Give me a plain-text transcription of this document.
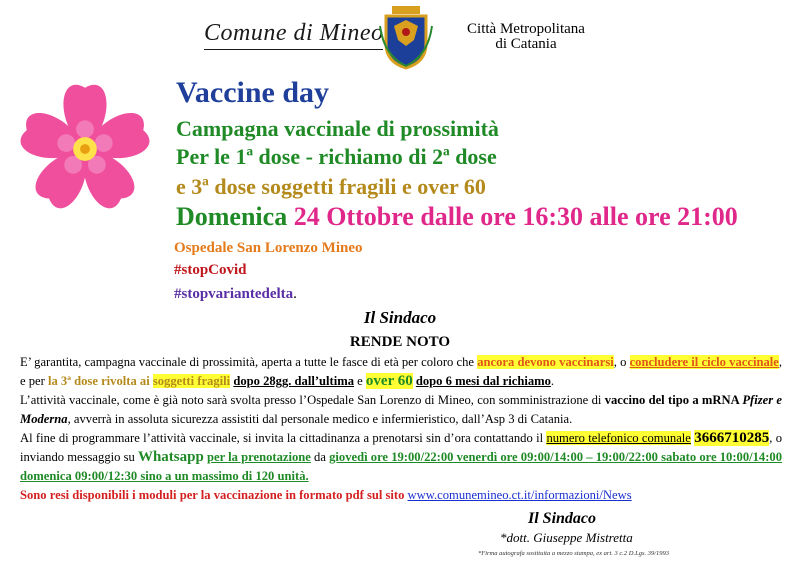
Comune di Mineo	Città Metropolitana
di Catania
Vaccine day
Campagna vaccinale di prossimità
Per le 1ª dose - richiamo di 2ª dose
e 3ª dose soggetti fragili e over 60
Domenica 24 Ottobre dalle ore 16:30 alle ore 21:00
Ospedale San Lorenzo Mineo
#stopCovid
#stopvariantedelta.
Il Sindaco
RENDE NOTO

E’ garantita, campagna vaccinale di prossimità, aperta a tutte le fasce di età per coloro che ancora devono vaccinarsi, o concludere il ciclo vaccinale, e per la 3ª dose rivolta ai soggetti fragili dopo 28gg. dall’ultima e over 60 dopo 6 mesi dal richiamo.

L’attività vaccinale, come è già noto sarà svolta presso l’Ospedale San Lorenzo di Mineo, con somministrazione di vaccino del tipo a mRNA Pfizer e Moderna, avverrà in assoluta sicurezza assistiti dal personale medico e infermieristico, dall’Asp 3 di Catania.

Al fine di programmare l’attività vaccinale, si invita la cittadinanza a prenotarsi sin d’ora contattando il numero telefonico comunale 3666710285, o inviando messaggio su Whatsapp per la prenotazione da giovedì ore 19:00/22:00 venerdì ore 09:00/14:00 – 19:00/22:00 sabato ore 10:00/14:00 domenica 09:00/12:30 sino a un massimo di 120 unità.

Sono resi disponibili i moduli per la vaccinazione in formato pdf sul sito www.comunemineo.ct.it/informazioni/News

Il Sindaco
*dott. Giuseppe Mistretta
*Firma autografa sostituita a mezzo stampa, ex art. 3 c.2 D.Lgs. 39/1993
